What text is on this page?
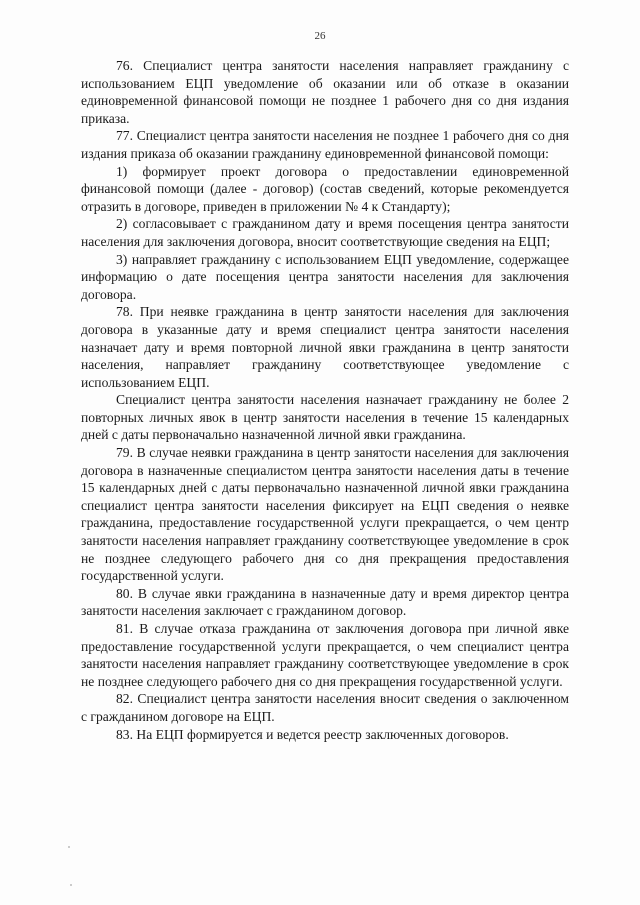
26

76. Специалист центра занятости населения направляет гражданину с использованием ЕЦП уведомление об оказании или об отказе в оказании единовременной финансовой помощи не позднее 1 рабочего дня со дня издания приказа.

77. Специалист центра занятости населения не позднее 1 рабочего дня со дня издания приказа об оказании гражданину единовременной финансовой помощи:

1) формирует проект договора о предоставлении единовременной финансовой помощи (далее - договор) (состав сведений, которые рекомендуется отразить в договоре, приведен в приложении № 4 к Стандарту);

2) согласовывает с гражданином дату и время посещения центра занятости населения для заключения договора, вносит соответствующие сведения на ЕЦП;

3) направляет гражданину с использованием ЕЦП уведомление, содержащее информацию о дате посещения центра занятости населения для заключения договора.

78. При неявке гражданина в центр занятости населения для заключения договора в указанные дату и время специалист центра занятости населения назначает дату и время повторной личной явки гражданина в центр занятости населения, направляет гражданину соответствующее уведомление с использованием ЕЦП.

Специалист центра занятости населения назначает гражданину не более 2 повторных личных явок в центр занятости населения в течение 15 календарных дней с даты первоначально назначенной личной явки гражданина.

79. В случае неявки гражданина в центр занятости населения для заключения договора в назначенные специалистом центра занятости населения даты в течение 15 календарных дней с даты первоначально назначенной личной явки гражданина специалист центра занятости населения фиксирует на ЕЦП сведения о неявке гражданина, предоставление государственной услуги прекращается, о чем центр занятости населения направляет гражданину соответствующее уведомление в срок не позднее следующего рабочего дня со дня прекращения предоставления государственной услуги.

80. В случае явки гражданина в назначенные дату и время директор центра занятости населения заключает с гражданином договор.

81. В случае отказа гражданина от заключения договора при личной явке предоставление государственной услуги прекращается, о чем специалист центра занятости населения направляет гражданину соответствующее уведомление в срок не позднее следующего рабочего дня со дня прекращения государственной услуги.

82. Специалист центра занятости населения вносит сведения о заключенном с гражданином договоре на ЕЦП.

83. На ЕЦП формируется и ведется реестр заключенных договоров.
